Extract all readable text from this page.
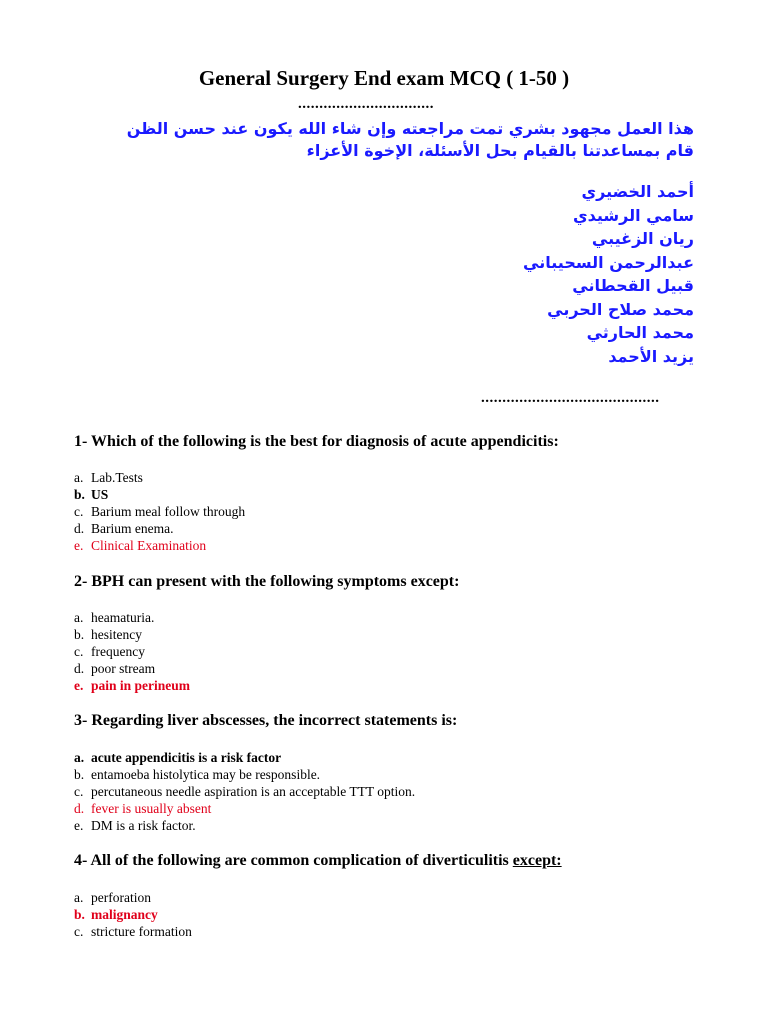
General Surgery End exam MCQ ( 1-50 )
................................
هذا العمل مجهود بشري تمت مراجعته وإن شاء الله يكون عند حسن الظن
قام بمساعدتنا بالقيام بحل الأسئلة، الإخوة الأعزاء
أحمد الخضيري
سامي الرشيدي
ريان الزغيبي
عبدالرحمن السحيباني
قبيل القحطاني
محمد صلاح الحربي
محمد الحارثي
يزيد الأحمد
..........................................
1- Which of the following is the best for diagnosis of acute appendicitis:
a. Lab.Tests
b. US
c. Barium meal follow through
d. Barium enema.
e. Clinical Examination
2- BPH can present with the following symptoms except:
a. heamaturia.
b. hesitency
c. frequency
d. poor stream
e. pain in perineum
3- Regarding liver abscesses, the incorrect statements is:
a. acute appendicitis is a risk factor
b. entamoeba histolytica may be responsible.
c. percutaneous needle aspiration is an acceptable TTT option.
d. fever is usually absent
e. DM is a risk factor.
4- All of the following are common complication of diverticulitis except:
a. perforation
b. malignancy
c. stricture formation
